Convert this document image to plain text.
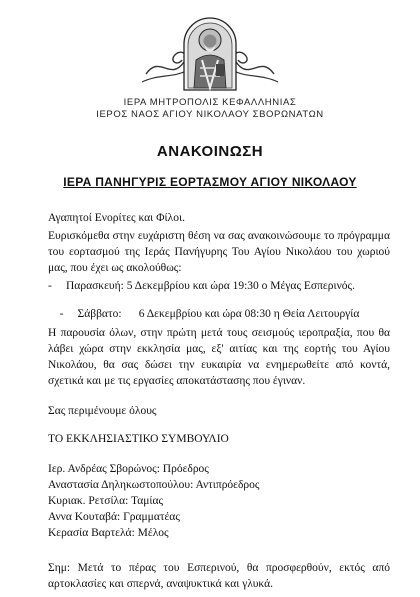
ΙΕΡΑ ΜΗΤΡΟΠΟΛΙΣ ΚΕΦΑΛΛΗΝΙΑΣ
ΙΕΡΟΣ ΝΑΟΣ ΑΓΙΟΥ ΝΙΚΟΛΑΟΥ ΣΒΟΡΩΝΑΤΩΝ
ΑΝΑΚΟΙΝΩΣΗ
ΙΕΡΑ ΠΑΝΗΓΥΡΙΣ ΕΟΡΤΑΣΜΟΥ ΑΓΙΟΥ ΝΙΚΟΛΑΟΥ
Αγαπητοί Ενορίτες και Φίλοι.
Ευρισκόμεθα στην ευχάριστη θέση να σας ανακοινώσουμε το πρόγραμμα του εορτασμού της Ιεράς Πανήγυρης Του Αγίου Νικολάου του χωριού μας, που έχει ως ακολούθως:
- Παρασκευή: 5 Δεκεμβρίου και ώρα 19:30 ο Μέγας Εσπερινός.

- Σάββατο:      6 Δεκεμβρίου και ώρα 08:30 η Θεία Λειτουργία

Η παρουσία όλων, στην πρώτη μετά τους σεισμούς ιεροπραξία, που θα λάβει χώρα στην εκκλησία μας, εξ' αιτίας και της εορτής του Αγίου Νικολάου, θα σας δώσει την ευκαιρία να ενημερωθείτε από κοντά, σχετικά και με τις εργασίες αποκατάστασης που έγιναν.
Σας περιμένουμε όλους
ΤΟ ΕΚΚΛΗΣΙΑΣΤΙΚΟ ΣΥΜΒΟΥΛΙΟ
Ιερ. Ανδρέας Σβορώνος: Πρόεδρος
Αναστασία Δηληκωστοπούλου: Αντιπρόεδρος
Κυριακ. Ρετσίλα: Ταμίας
Αννα Κουταβά: Γραμματέας
Κερασία Βαρτελά: Μέλος
Σημ: Μετά το πέρας του Εσπερινού, θα προσφερθούν, εκτός από αρτοκλασίες και σπερνά, αναψυκτικά και γλυκά.
